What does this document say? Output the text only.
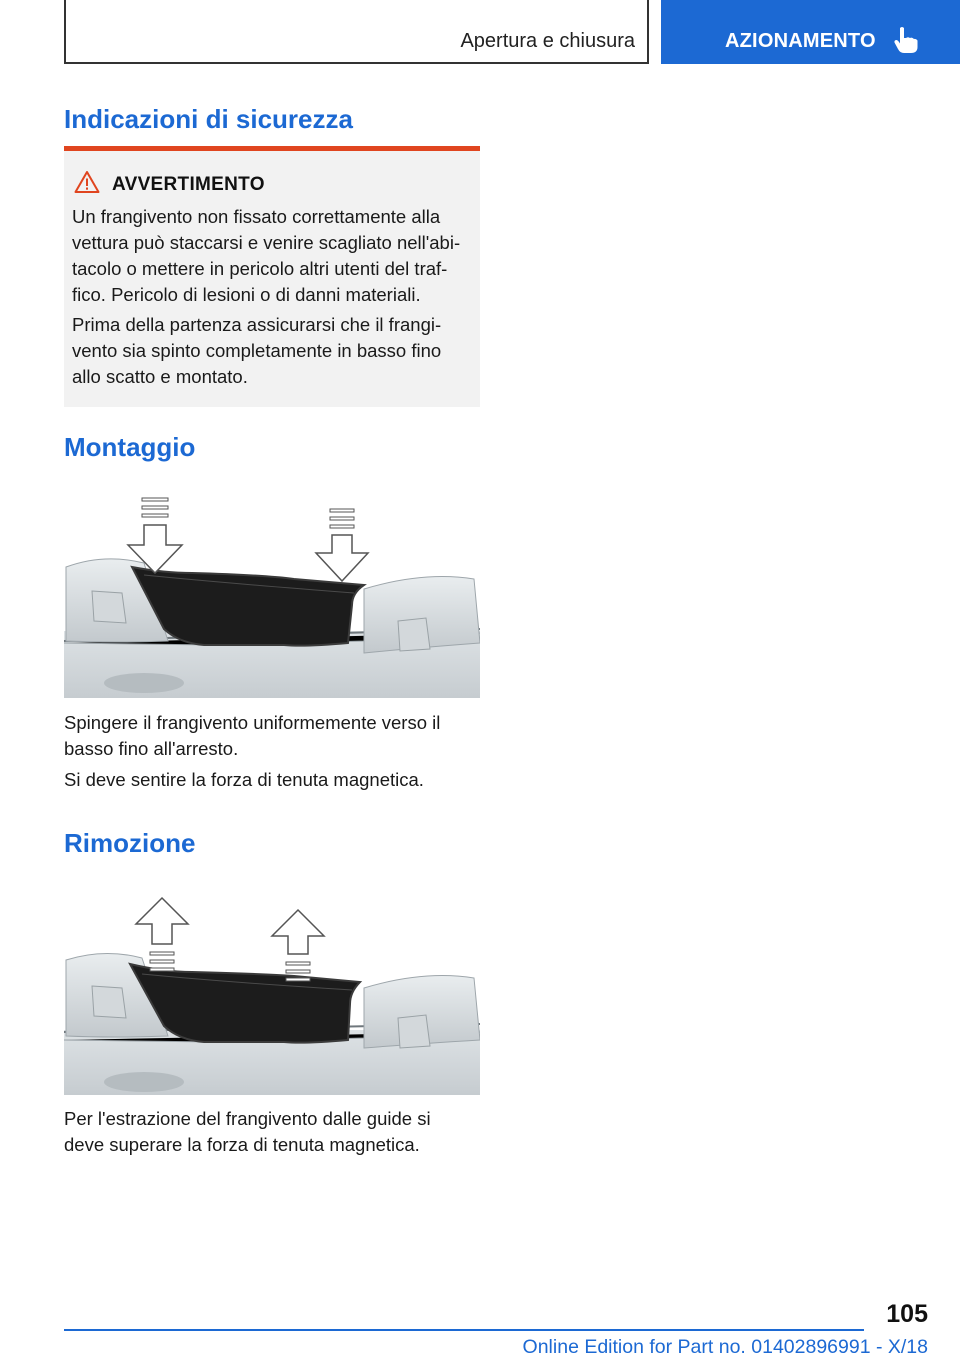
Apertura e chiusura	AZIONAMENTO
Indicazioni di sicurezza
AVVERTIMENTO
Un frangivento non fissato correttamente alla
vettura può staccarsi e venire scagliato nell'abi‐
tacolo o mettere in pericolo altri utenti del traf‐
fico. Pericolo di lesioni o di danni materiali.
Prima della partenza assicurarsi che il frangi‐
vento sia spinto completamente in basso fino
allo scatto e montato.
Montaggio
Spingere il frangivento uniformemente verso il
basso fino all'arresto.
Si deve sentire la forza di tenuta magnetica.
Rimozione
Per l'estrazione del frangivento dalle guide si
deve superare la forza di tenuta magnetica.
105
Online Edition for Part no. 01402896991 - X/18
